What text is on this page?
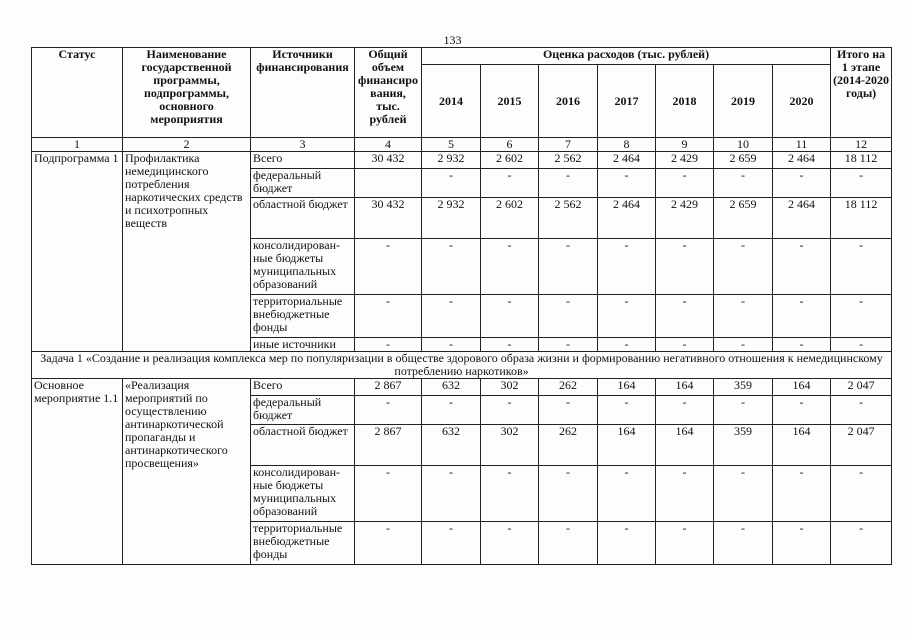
133
Статус	Наименование государственной программы, подпрограммы, основного мероприятия	Источники финансирования	Общий объем финансиро вания, тыс. рублей	Оценка расходов (тыс. рублей)							Итого на 1 этапе (2014-2020 годы)
				2014	2015	2016	2017	2018	2019	2020	
1	2	3	4	5	6	7	8	9	10	11	12
Подпрограмма 1	Профилактика немедицинского потребления наркотических средств и психотропных веществ	Всего	30 432	2 932	2 602	2 562	2 464	2 429	2 659	2 464	18 112
		федеральный бюджет		-	-	-	-	-	-	-	-
		областной бюджет	30 432	2 932	2 602	2 562	2 464	2 429	2 659	2 464	18 112
		консолидирован-ные бюджеты муниципальных образований	-	-	-	-	-	-	-	-	-
		территориальные внебюджетные фонды	-	-	-	-	-	-	-	-	-
		иные источники	-	-	-	-	-	-	-	-	-
Задача 1 «Создание и реализация комплекса мер по популяризации в обществе здорового образа жизни и формированию негативного отношения к немедицинскому потреблению наркотиков»											
Основное мероприятие 1.1	«Реализация мероприятий по осуществлению антинаркотической пропаганды и антинаркотического просвещения»	Всего	2 867	632	302	262	164	164	359	164	2 047
		федеральный бюджет	-	-	-	-	-	-	-	-	-
		областной бюджет	2 867	632	302	262	164	164	359	164	2 047
		консолидирован-ные бюджеты муниципальных образований	-	-	-	-	-	-	-	-	-
		территориальные внебюджетные фонды	-	-	-	-	-	-	-	-	-
